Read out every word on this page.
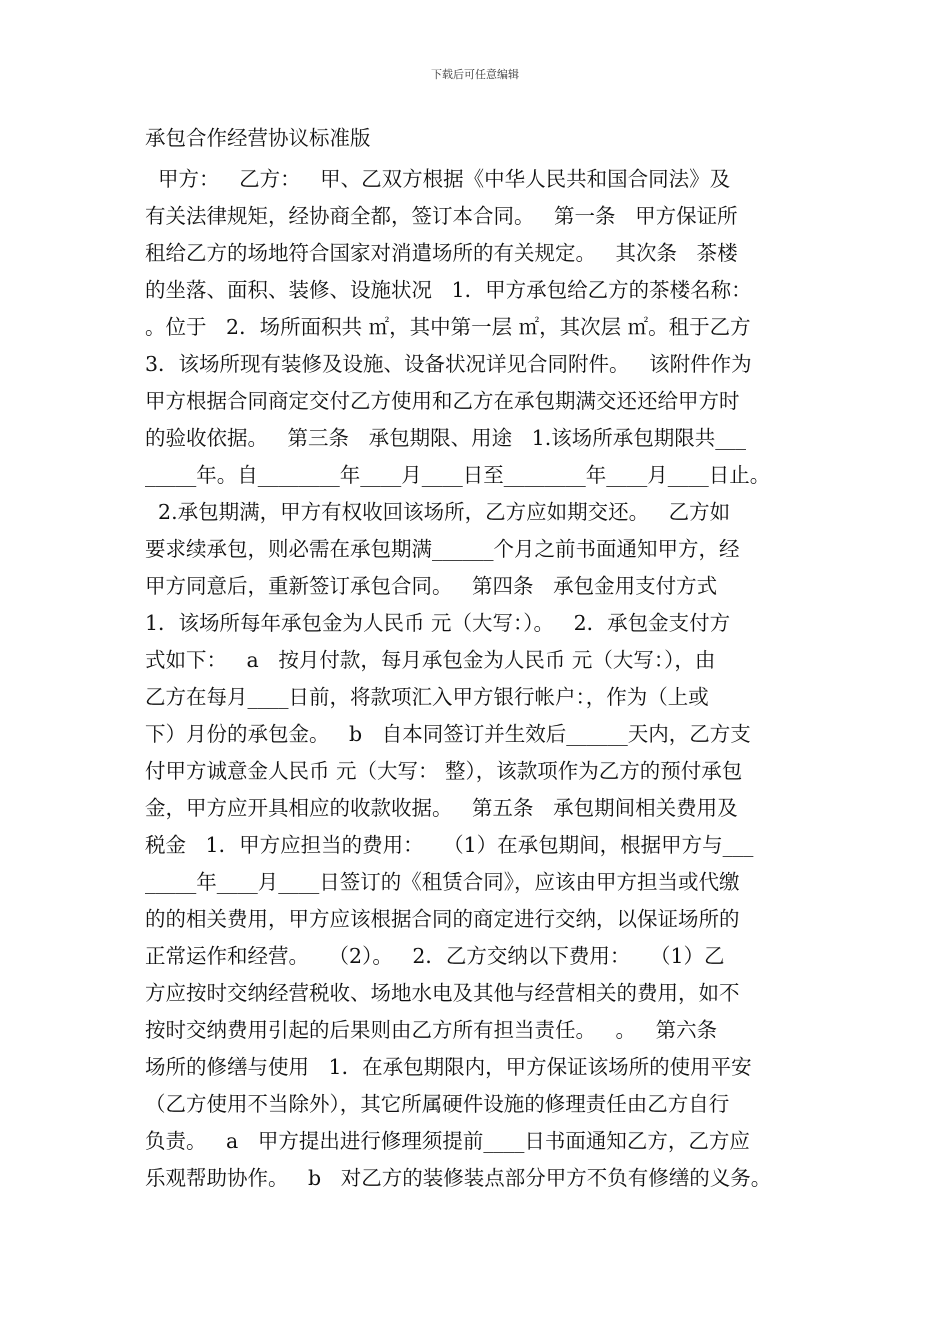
下载后可任意编辑
承包合作经营协议标准版
甲方：   乙方：   甲、乙双方根据《中华人民共和国合同法》及
有关法律规矩，经协商全都，签订本合同。   第一条   甲方保证所
租给乙方的场地符合国家对消遣场所的有关规定。   其次条   茶楼
的坐落、面积、装修、设施状况   1．甲方承包给乙方的茶楼名称：
。位于   2．场所面积共 ㎡，其中第一层 ㎡，其次层 ㎡。租于乙方
3．该场所现有装修及设施、设备状况详见合同附件。   该附件作为
甲方根据合同商定交付乙方使用和乙方在承包期满交还还给甲方时
的验收依据。   第三条   承包期限、用途   1.该场所承包期限共___
_____年。自________年____月____日至________年____月____日止。
2.承包期满，甲方有权收回该场所，乙方应如期交还。   乙方如
要求续承包，则必需在承包期满______个月之前书面通知甲方，经
甲方同意后，重新签订承包合同。   第四条   承包金用支付方式
1．该场所每年承包金为人民币 元（大写：）。   2．承包金支付方
式如下：   a   按月付款，每月承包金为人民币 元（大写：），由
乙方在每月____日前，将款项汇入甲方银行帐户：，作为（上或
下）月份的承包金。   b   自本同签订并生效后______天内，乙方支
付甲方诚意金人民币 元（大写： 整），该款项作为乙方的预付承包
金，甲方应开具相应的收款收据。   第五条   承包期间相关费用及
税金   1．甲方应担当的费用：   （1）在承包期间，根据甲方与___
_____年____月____日签订的《租赁合同》，应该由甲方担当或代缴
的的相关费用，甲方应该根据合同的商定进行交纳，以保证场所的
正常运作和经营。   （2）。   2．乙方交纳以下费用：   （1）乙
方应按时交纳经营税收、场地水电及其他与经营相关的费用，如不
按时交纳费用引起的后果则由乙方所有担当责任。   。   第六条
场所的修缮与使用   1．在承包期限内，甲方保证该场所的使用平安
（乙方使用不当除外），其它所属硬件设施的修理责任由乙方自行
负责。   a   甲方提出进行修理须提前____日书面通知乙方，乙方应
乐观帮助协作。   b   对乙方的装修装点部分甲方不负有修缮的义务。
